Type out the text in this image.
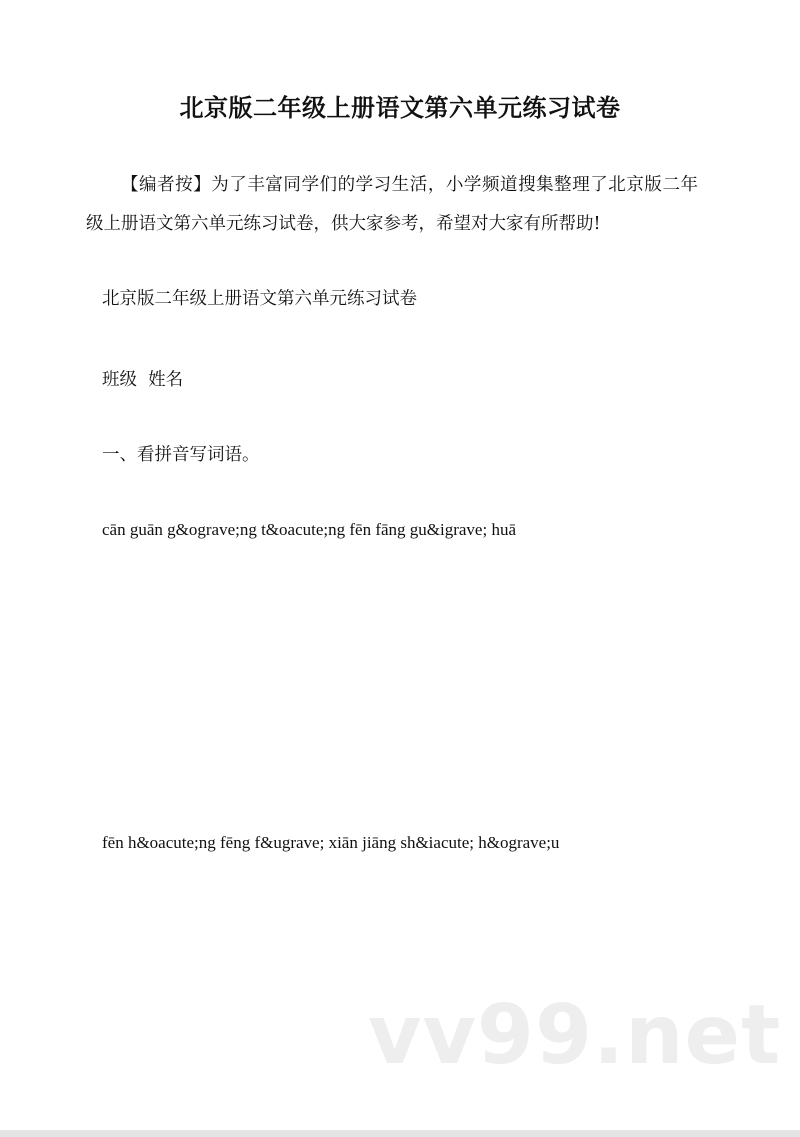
北京版二年级上册语文第六单元练习试卷

【编者按】为了丰富同学们的学习生活，小学频道搜集整理了北京版二年级上册语文第六单元练习试卷，供大家参考，希望对大家有所帮助!

北京版二年级上册语文第六单元练习试卷

班级  姓名

一、看拼音写词语。

cān guān g&ograve;ng t&oacute;ng fēn fāng gu&igrave; huā

fēn h&oacute;ng fēng f&ugrave; xiān jiāng sh&iacute; h&ograve;u

vv99.net
